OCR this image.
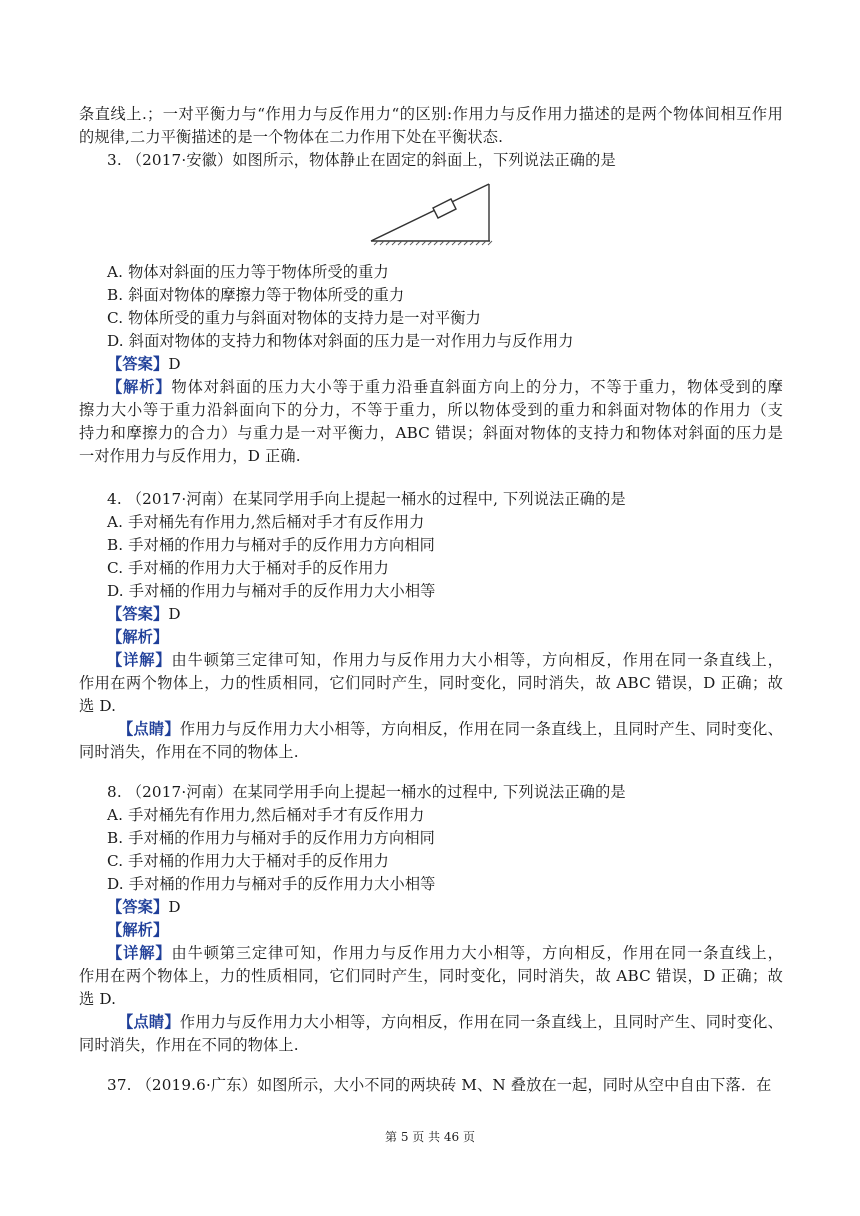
条直线上.；一对平衡力与“作用力与反作用力“的区别:作用力与反作用力描述的是两个物体间相互作用
的规律,二力平衡描述的是一个物体在二力作用下处在平衡状态.
3. （2017·安徽）如图所示，物体静止在固定的斜面上，下列说法正确的是
A. 物体对斜面的压力等于物体所受的重力
B. 斜面对物体的摩擦力等于物体所受的重力
C. 物体所受的重力与斜面对物体的支持力是一对平衡力
D. 斜面对物体的支持力和物体对斜面的压力是一对作用力与反作用力
【答案】D
【解析】物体对斜面的压力大小等于重力沿垂直斜面方向上的分力，不等于重力，物体受到的摩
擦力大小等于重力沿斜面向下的分力，不等于重力，所以物体受到的重力和斜面对物体的作用力（支
持力和摩擦力的合力）与重力是一对平衡力，ABC 错误；斜面对物体的支持力和物体对斜面的压力是
一对作用力与反作用力，D 正确.
4. （2017·河南）在某同学用手向上提起一桶水的过程中, 下列说法正确的是
A. 手对桶先有作用力,然后桶对手才有反作用力
B. 手对桶的作用力与桶对手的反作用力方向相同
C. 手对桶的作用力大于桶对手的反作用力
D. 手对桶的作用力与桶对手的反作用力大小相等
【答案】D
【解析】
【详解】由牛顿第三定律可知，作用力与反作用力大小相等，方向相反，作用在同一条直线上，
作用在两个物体上，力的性质相同，它们同时产生，同时变化，同时消失，故 ABC 错误，D 正确；故
选 D.
【点睛】作用力与反作用力大小相等，方向相反，作用在同一条直线上，且同时产生、同时变化、
同时消失，作用在不同的物体上.
8. （2017·河南）在某同学用手向上提起一桶水的过程中, 下列说法正确的是
A. 手对桶先有作用力,然后桶对手才有反作用力
B. 手对桶的作用力与桶对手的反作用力方向相同
C. 手对桶的作用力大于桶对手的反作用力
D. 手对桶的作用力与桶对手的反作用力大小相等
【答案】D
【解析】
【详解】由牛顿第三定律可知，作用力与反作用力大小相等，方向相反，作用在同一条直线上，
作用在两个物体上，力的性质相同，它们同时产生，同时变化，同时消失，故 ABC 错误，D 正确；故
选 D.
【点睛】作用力与反作用力大小相等，方向相反，作用在同一条直线上，且同时产生、同时变化、
同时消失，作用在不同的物体上.
37. （2019.6·广东）如图所示，大小不同的两块砖 M、N 叠放在一起，同时从空中自由下落．在
第 5 页 共 46 页
